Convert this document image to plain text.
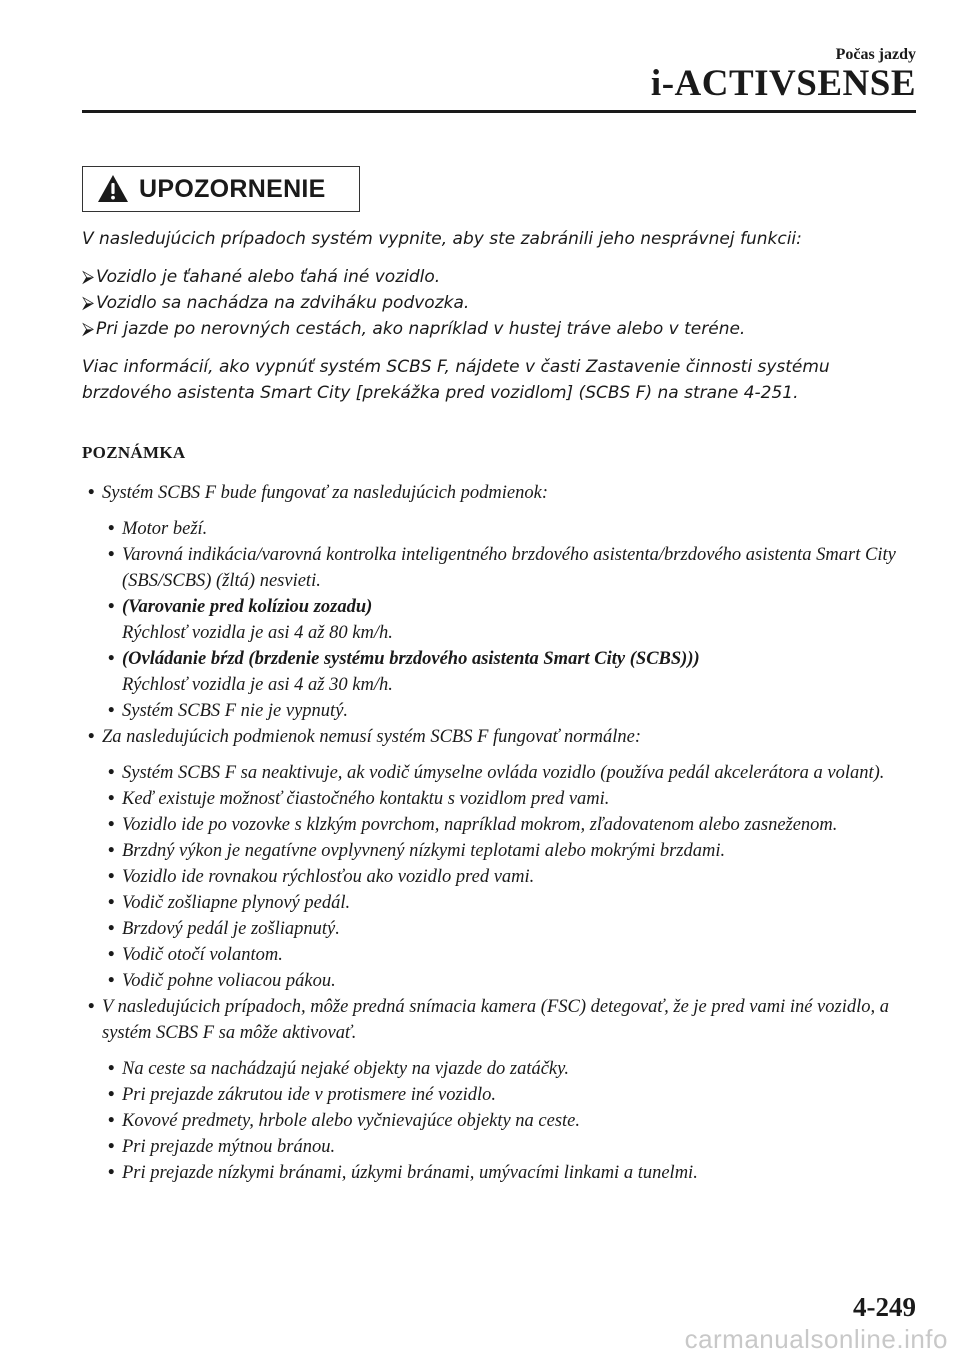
Počas jazdy
i-ACTIVSENSE
UPOZORNENIE

V nasledujúcich prípadoch systém vypnite, aby ste zabránili jeho nesprávnej funkcii:

⮚ Vozidlo je ťahané alebo ťahá iné vozidlo.
⮚ Vozidlo sa nachádza na zdviháku podvozka.
⮚ Pri jazde po nerovných cestách, ako napríklad v hustej tráve alebo v teréne.

Viac informácií, ako vypnúť systém SCBS F, nájdete v časti Zastavenie činnosti systému
brzdového asistenta Smart City [prekážka pred vozidlom] (SCBS F) na strane 4-251.

POZNÁMKA
• Systém SCBS F bude fungovať za nasledujúcich podmienok:
• Motor beží.
• Varovná indikácia/varovná kontrolka inteligentného brzdového asistenta/brzdového asistenta Smart City (SBS/SCBS) (žltá) nesvieti.
• (Varovanie pred kolíziou zozadu)
Rýchlosť vozidla je asi 4 až 80 km/h.
• (Ovládanie bŕzd (brzdenie systému brzdového asistenta Smart City (SCBS)))
Rýchlosť vozidla je asi 4 až 30 km/h.
• Systém SCBS F nie je vypnutý.
• Za nasledujúcich podmienok nemusí systém SCBS F fungovať normálne:
• Systém SCBS F sa neaktivuje, ak vodič úmyselne ovláda vozidlo (používa pedál akcelerátora a volant).
• Keď existuje možnosť čiastočného kontaktu s vozidlom pred vami.
• Vozidlo ide po vozovke s klzkým povrchom, napríklad mokrom, zľadovatenom alebo zasneženom.
• Brzdný výkon je negatívne ovplyvnený nízkymi teplotami alebo mokrými brzdami.
• Vozidlo ide rovnakou rýchlosťou ako vozidlo pred vami.
• Vodič zošliapne plynový pedál.
• Brzdový pedál je zošliapnutý.
• Vodič otočí volantom.
• Vodič pohne voliacou pákou.
• V nasledujúcich prípadoch, môže predná snímacia kamera (FSC) detegovať, že je pred vami iné vozidlo, a systém SCBS F sa môže aktivovať.
• Na ceste sa nachádzajú nejaké objekty na vjazde do zatáčky.
• Pri prejazde zákrutou ide v protismere iné vozidlo.
• Kovové predmety, hrbole alebo vyčnievajúce objekty na ceste.
• Pri prejazde mýtnou bránou.
• Pri prejazde nízkymi bránami, úzkymi bránami, umývacími linkami a tunelmi.
4-249
carmanualsonline.info
